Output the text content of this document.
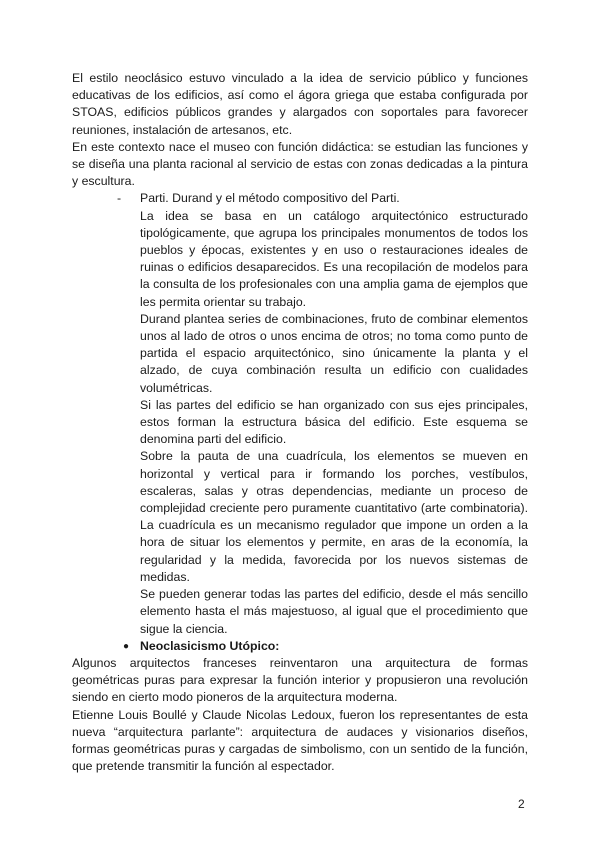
El estilo neoclásico estuvo vinculado a la idea de servicio público y funciones educativas de los edificios, así como el ágora griega que estaba configurada por STOAS, edificios públicos grandes y alargados con soportales para favorecer reuniones, instalación de artesanos, etc.

En este contexto nace el museo con función didáctica: se estudian las funciones y se diseña una planta racional al servicio de estas con zonas dedicadas a la pintura y escultura.

-	Parti. Durand y el método compositivo del Parti.

La idea se basa en un catálogo arquitectónico estructurado tipológicamente, que agrupa los principales monumentos de todos los pueblos y épocas, existentes y en uso o restauraciones ideales de ruinas o edificios desaparecidos. Es una recopilación de modelos para la consulta de los profesionales con una amplia gama de ejemplos que les permita orientar su trabajo.

Durand plantea series de combinaciones, fruto de combinar elementos unos al lado de otros o unos encima de otros; no toma como punto de partida el espacio arquitectónico, sino únicamente la planta y el alzado, de cuya combinación resulta un edificio con cualidades volumétricas.

Si las partes del edificio se han organizado con sus ejes principales, estos forman la estructura básica del edificio. Este esquema se denomina parti del edificio.

Sobre la pauta de una cuadrícula, los elementos se mueven en horizontal y vertical para ir formando los porches, vestíbulos, escaleras, salas y otras dependencias, mediante un proceso de complejidad creciente pero puramente cuantitativo (arte combinatoria). La cuadrícula es un mecanismo regulador que impone un orden a la hora de situar los elementos y permite, en aras de la economía, la regularidad y la medida, favorecida por los nuevos sistemas de medidas.

Se pueden generar todas las partes del edificio, desde el más sencillo elemento hasta el más majestuoso, al igual que el procedimiento que sigue la ciencia.

● Neoclasicismo Utópico:

Algunos arquitectos franceses reinventaron una arquitectura de formas geométricas puras para expresar la función interior y propusieron una revolución siendo en cierto modo pioneros de la arquitectura moderna.

Etienne Louis Boullé y Claude Nicolas Ledoux, fueron los representantes de esta nueva “arquitectura parlante”: arquitectura de audaces y visionarios diseños, formas geométricas puras y cargadas de simbolismo, con un sentido de la función, que pretende transmitir la función al espectador.

2
